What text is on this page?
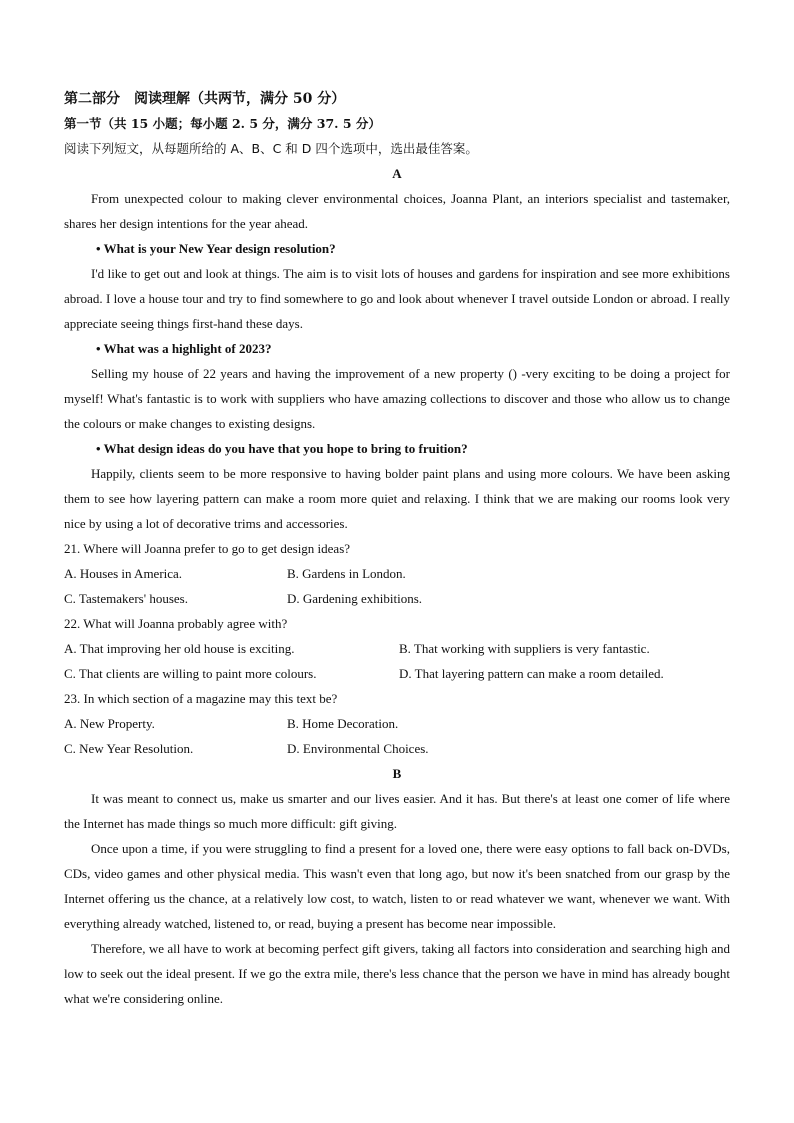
第二部分　阅读理解（共两节，满分 50 分）
第一节（共 15 小题；每小题 2. 5 分，满分 37. 5 分）
阅读下列短文，从每题所给的 A、B、C 和 D 四个选项中，选出最佳答案。
A

From unexpected colour to making clever environmental choices, Joanna Plant, an interiors specialist and tastemaker, shares her design intentions for the year ahead.

• What is your New Year design resolution?

I'd like to get out and look at things. The aim is to visit lots of houses and gardens for inspiration and see more exhibitions abroad. I love a house tour and try to find somewhere to go and look about whenever I travel outside London or abroad. I really appreciate seeing things first-hand these days.

• What was a highlight of 2023?

Selling my house of 22 years and having the improvement of a new property () -very exciting to be doing a project for myself! What's fantastic is to work with suppliers who have amazing collections to discover and those who allow us to change the colours or make changes to existing designs.

• What design ideas do you have that you hope to bring to fruition?

Happily, clients seem to be more responsive to having bolder paint plans and using more colours. We have been asking them to see how layering pattern can make a room more quiet and relaxing. I think that we are making our rooms look very nice by using a lot of decorative trims and accessories.

21. Where will Joanna prefer to go to get design ideas?
A. Houses in America.	B. Gardens in London.
C. Tastemakers' houses.	D. Gardening exhibitions.
22. What will Joanna probably agree with?
A. That improving her old house is exciting.	B. That working with suppliers is very fantastic.
C. That clients are willing to paint more colours.	D. That layering pattern can make a room detailed.
23. In which section of a magazine may this text be?
A. New Property.	B. Home Decoration.
C. New Year Resolution.	D. Environmental Choices.
B

It was meant to connect us, make us smarter and our lives easier. And it has. But there's at least one comer of life where the Internet has made things so much more difficult: gift giving.

Once upon a time, if you were struggling to find a present for a loved one, there were easy options to fall back on-DVDs, CDs, video games and other physical media. This wasn't even that long ago, but now it's been snatched from our grasp by the Internet offering us the chance, at a relatively low cost, to watch, listen to or read whatever we want, whenever we want. With everything already watched, listened to, or read, buying a present has become near impossible.

Therefore, we all have to work at becoming perfect gift givers, taking all factors into consideration and searching high and low to seek out the ideal present. If we go the extra mile, there's less chance that the person we have in mind has already bought what we're considering online.
